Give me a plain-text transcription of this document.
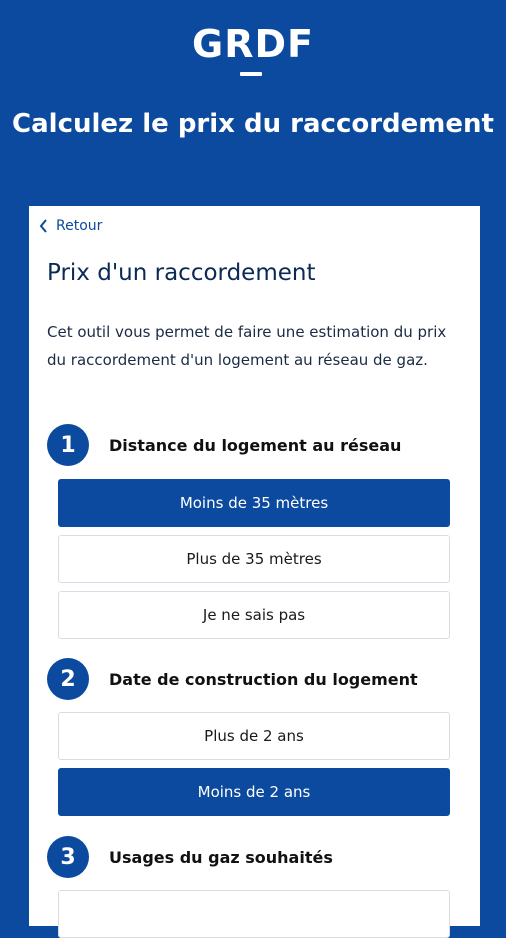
GRDF
Calculez le prix du raccordement
Retour
Prix d'un raccordement
Cet outil vous permet de faire une estimation du prix du raccordement d'un logement au réseau de gaz.
1	Distance du logement au réseau
Moins de 35 mètres
Plus de 35 mètres
Je ne sais pas
2	Date de construction du logement
Plus de 2 ans
Moins de 2 ans
3	Usages du gaz souhaités
